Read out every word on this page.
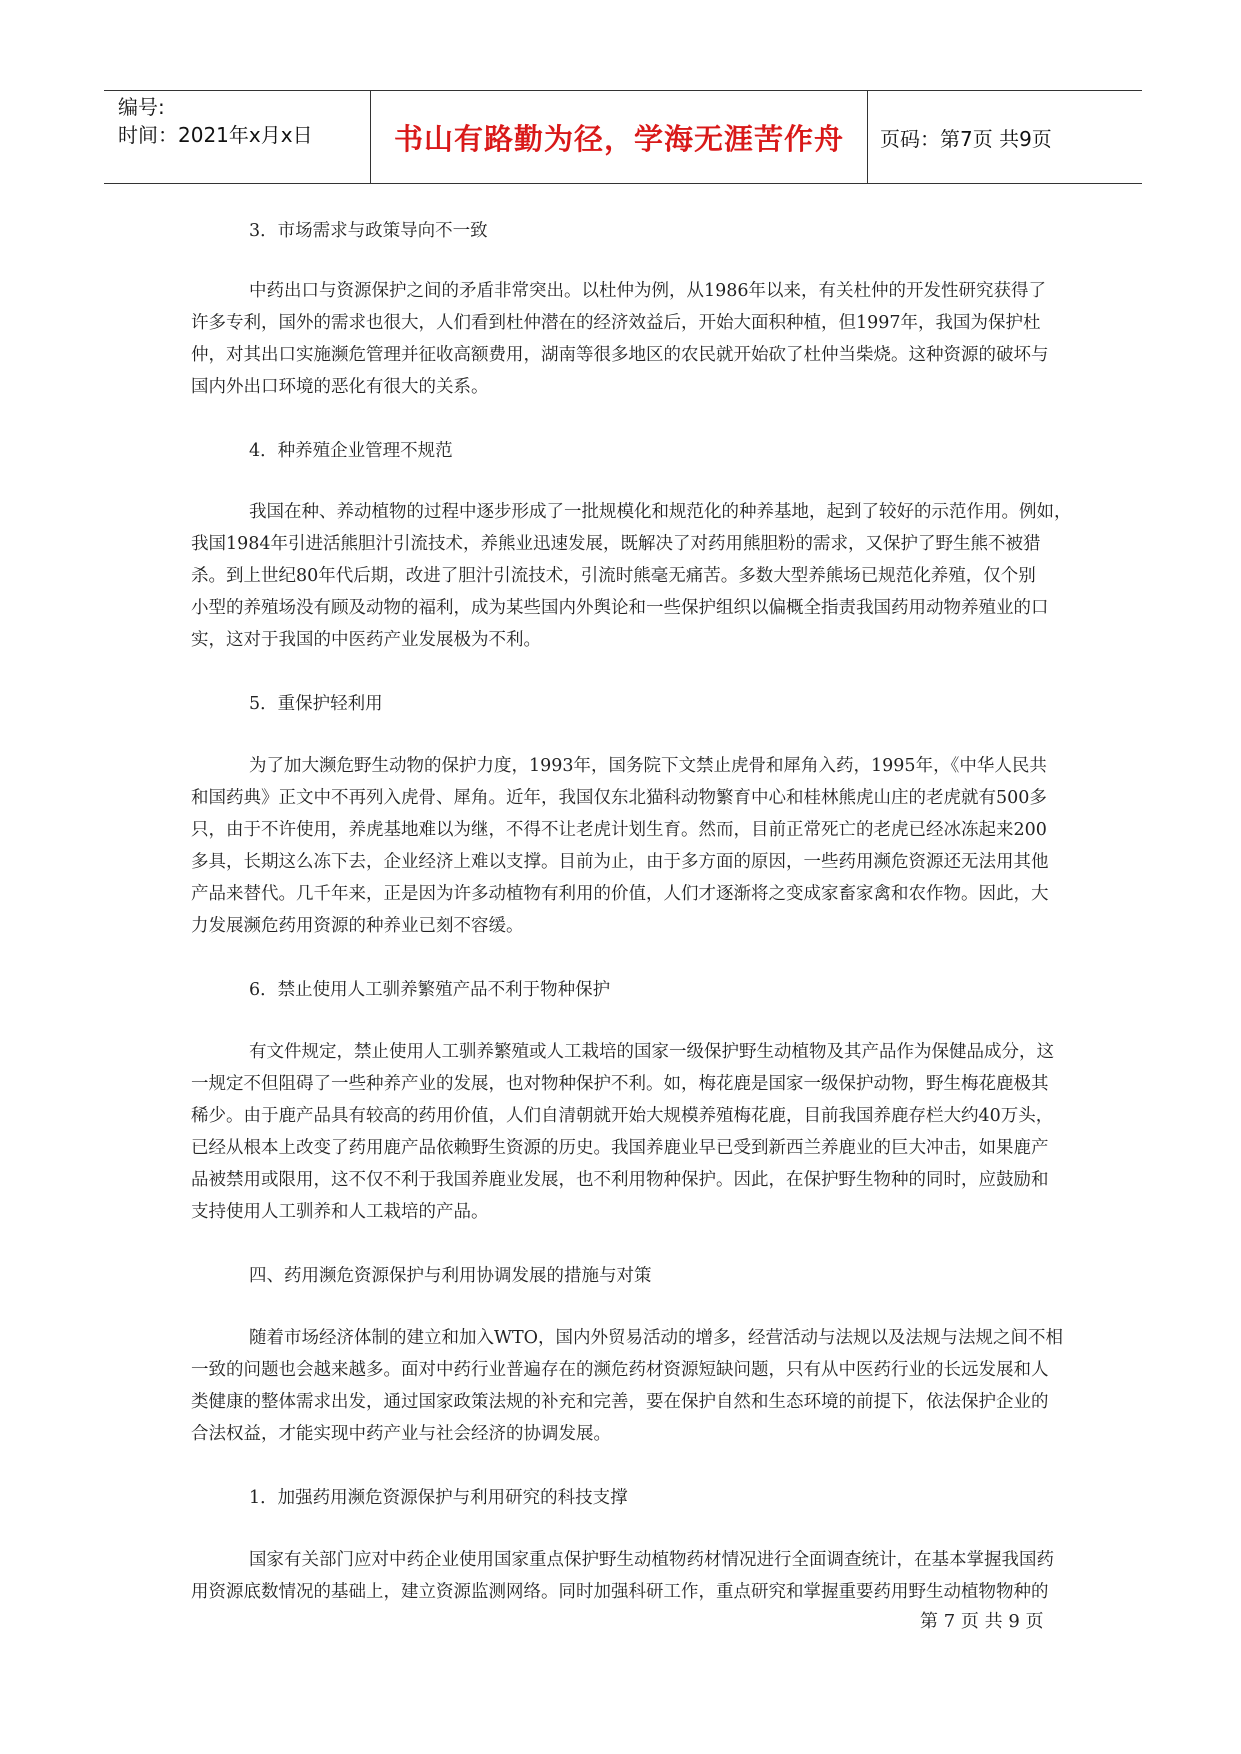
编号:
时间：2021年x月x日	书山有路勤为径，学海无涯苦作舟 页码：第7页 共9页
3．市场需求与政策导向不一致
中药出口与资源保护之间的矛盾非常突出。以杜仲为例，从1986年以来，有关杜仲的开发性研究获得了
许多专利，国外的需求也很大，人们看到杜仲潜在的经济效益后，开始大面积种植，但1997年，我国为保护杜
仲，对其出口实施濒危管理并征收高额费用，湖南等很多地区的农民就开始砍了杜仲当柴烧。这种资源的破坏与
国内外出口环境的恶化有很大的关系。
4．种养殖企业管理不规范
我国在种、养动植物的过程中逐步形成了一批规模化和规范化的种养基地，起到了较好的示范作用。例如，
我国1984年引进活熊胆汁引流技术，养熊业迅速发展，既解决了对药用熊胆粉的需求，又保护了野生熊不被猎
杀。到上世纪80年代后期，改进了胆汁引流技术，引流时熊毫无痛苦。多数大型养熊场已规范化养殖，仅个别
小型的养殖场没有顾及动物的福利，成为某些国内外舆论和一些保护组织以偏概全指责我国药用动物养殖业的口
实，这对于我国的中医药产业发展极为不利。
5．重保护轻利用
为了加大濒危野生动物的保护力度，1993年，国务院下文禁止虎骨和犀角入药，1995年，《中华人民共
和国药典》正文中不再列入虎骨、犀角。近年，我国仅东北猫科动物繁育中心和桂林熊虎山庄的老虎就有500多
只，由于不许使用，养虎基地难以为继，不得不让老虎计划生育。然而，目前正常死亡的老虎已经冰冻起来200
多具，长期这么冻下去，企业经济上难以支撑。目前为止，由于多方面的原因，一些药用濒危资源还无法用其他
产品来替代。几千年来，正是因为许多动植物有利用的价值，人们才逐渐将之变成家畜家禽和农作物。因此，大
力发展濒危药用资源的种养业已刻不容缓。
6．禁止使用人工驯养繁殖产品不利于物种保护
有文件规定，禁止使用人工驯养繁殖或人工栽培的国家一级保护野生动植物及其产品作为保健品成分，这
一规定不但阻碍了一些种养产业的发展，也对物种保护不利。如，梅花鹿是国家一级保护动物，野生梅花鹿极其
稀少。由于鹿产品具有较高的药用价值，人们自清朝就开始大规模养殖梅花鹿，目前我国养鹿存栏大约40万头，
已经从根本上改变了药用鹿产品依赖野生资源的历史。我国养鹿业早已受到新西兰养鹿业的巨大冲击，如果鹿产
品被禁用或限用，这不仅不利于我国养鹿业发展，也不利用物种保护。因此，在保护野生物种的同时，应鼓励和
支持使用人工驯养和人工栽培的产品。
四、药用濒危资源保护与利用协调发展的措施与对策
随着市场经济体制的建立和加入WTO，国内外贸易活动的增多，经营活动与法规以及法规与法规之间不相
一致的问题也会越来越多。面对中药行业普遍存在的濒危药材资源短缺问题，只有从中医药行业的长远发展和人
类健康的整体需求出发，通过国家政策法规的补充和完善，要在保护自然和生态环境的前提下，依法保护企业的
合法权益，才能实现中药产业与社会经济的协调发展。
1．加强药用濒危资源保护与利用研究的科技支撑
国家有关部门应对中药企业使用国家重点保护野生动植物药材情况进行全面调查统计，在基本掌握我国药
用资源底数情况的基础上，建立资源监测网络。同时加强科研工作，重点研究和掌握重要药用野生动植物物种的
第 7 页 共 9 页
